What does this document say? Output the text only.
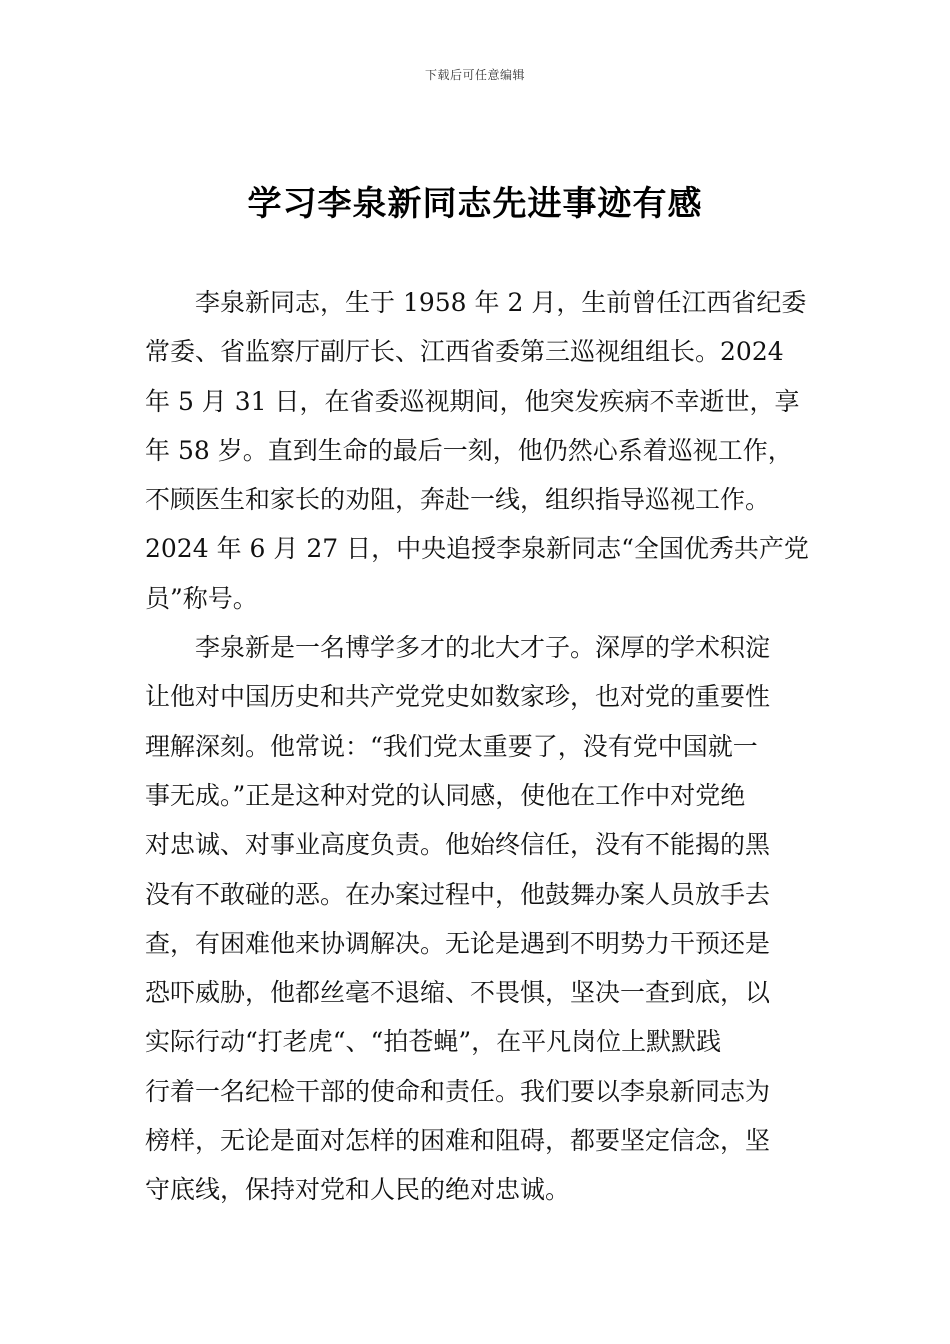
下载后可任意编辑
学习李泉新同志先进事迹有感
李泉新同志，生于 1958 年 2 月，生前曾任江西省纪委
常委、省监察厅副厅长、江西省委第三巡视组组长。2024
年 5 月 31 日，在省委巡视期间，他突发疾病不幸逝世，享
年 58 岁。直到生命的最后一刻，他仍然心系着巡视工作，
不顾医生和家长的劝阻，奔赴一线，组织指导巡视工作。
2024 年 6 月 27 日，中央追授李泉新同志“全国优秀共产党
员”称号。
李泉新是一名博学多才的北大才子。深厚的学术积淀
让他对中国历史和共产党党史如数家珍，也对党的重要性
理解深刻。他常说：“我们党太重要了，没有党中国就一
事无成。”正是这种对党的认同感，使他在工作中对党绝
对忠诚、对事业高度负责。他始终信任，没有不能揭的黑
没有不敢碰的恶。在办案过程中，他鼓舞办案人员放手去
查，有困难他来协调解决。无论是遇到不明势力干预还是
恐吓威胁，他都丝毫不退缩、不畏惧，坚决一查到底，以
实际行动“打老虎“、“拍苍蝇”，在平凡岗位上默默践
行着一名纪检干部的使命和责任。我们要以李泉新同志为
榜样，无论是面对怎样的困难和阻碍，都要坚定信念，坚
守底线，保持对党和人民的绝对忠诚。
